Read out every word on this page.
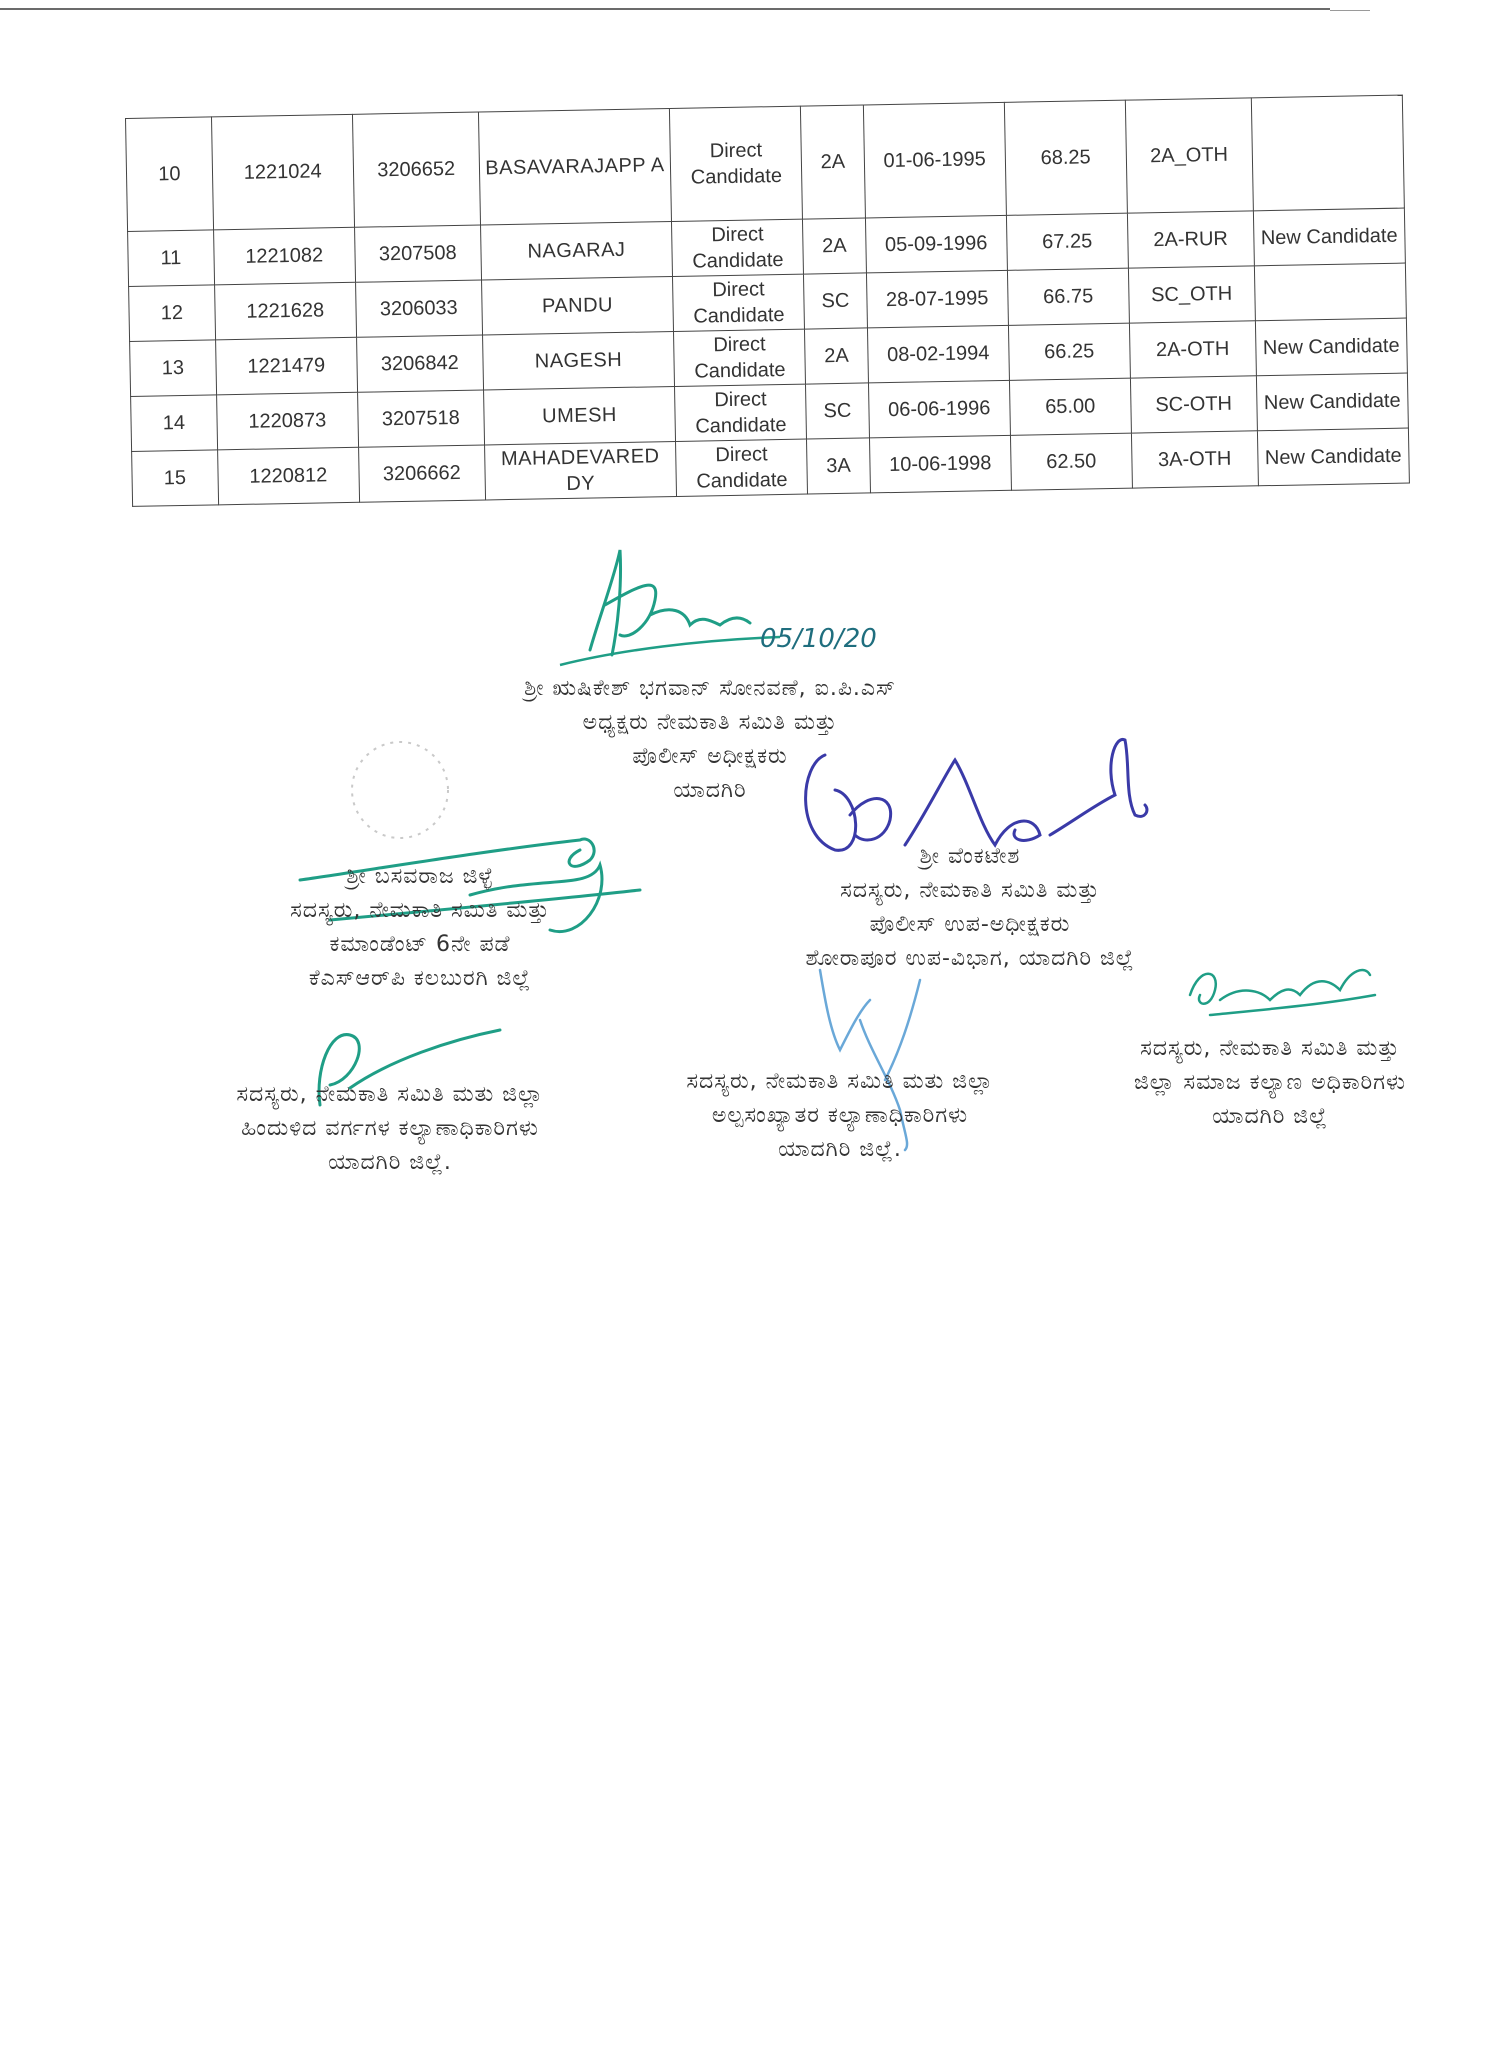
10	1221024	3206652	BASAVARAJAPP A	Direct Candidate	2A	01-06-1995	68.25	2A_OTH	
11	1221082	3207508	NAGARAJ	Direct Candidate	2A	05-09-1996	67.25	2A-RUR	New Candidate
12	1221628	3206033	PANDU	Direct Candidate	SC	28-07-1995	66.75	SC_OTH	
13	1221479	3206842	NAGESH	Direct Candidate	2A	08-02-1994	66.25	2A-OTH	New Candidate
14	1220873	3207518	UMESH	Direct Candidate	SC	06-06-1996	65.00	SC-OTH	New Candidate
15	1220812	3206662	MAHADEVARED DY	Direct Candidate	3A	10-06-1998	62.50	3A-OTH	New Candidate
05/10/20
ಶ್ರೀ ಋಷಿಕೇಶ್ ಭಗವಾನ್ ಸೋನವಣೆ, ಐ.ಪಿ.ಎಸ್
ಅಧ್ಯಕ್ಷರು ನೇಮಕಾತಿ ಸಮಿತಿ ಮತ್ತು
ಪೊಲೀಸ್ ಅಧೀಕ್ಷಕರು
ಯಾದಗಿರಿ
ಶ್ರೀ ಬಸವರಾಜ ಜಿಳ್ಳೆ
ಸದಸ್ಯರು, ನೇಮಕಾತಿ ಸಮಿತಿ ಮತ್ತು
ಕಮಾಂಡೆಂಟ್ 6ನೇ ಪಡೆ
ಕೆಎಸ್‌ಆರ್‌ಪಿ ಕಲಬುರಗಿ ಜಿಲ್ಲೆ
ಶ್ರೀ ವೆಂಕಟೇಶ
ಸದಸ್ಯರು, ನೇಮಕಾತಿ ಸಮಿತಿ ಮತ್ತು
ಪೊಲೀಸ್ ಉಪ-ಅಧೀಕ್ಷಕರು
ಶೋರಾಪೂರ ಉಪ-ವಿಭಾಗ, ಯಾದಗಿರಿ ಜಿಲ್ಲೆ
ಸದಸ್ಯರು, ನೇಮಕಾತಿ ಸಮಿತಿ ಮತು ಜಿಲ್ಲಾ
ಹಿಂದುಳಿದ ವರ್ಗಗಳ ಕಲ್ಯಾಣಾಧಿಕಾರಿಗಳು
ಯಾದಗಿರಿ ಜಿಲ್ಲೆ.
ಸದಸ್ಯರು, ನೇಮಕಾತಿ ಸಮಿತಿ ಮತು ಜಿಲ್ಲಾ
ಅಲ್ಪಸಂಖ್ಯಾತರ ಕಲ್ಯಾಣಾಧಿಕಾರಿಗಳು
ಯಾದಗಿರಿ ಜಿಲ್ಲೆ.
ಸದಸ್ಯರು, ನೇಮಕಾತಿ ಸಮಿತಿ ಮತ್ತು
ಜಿಲ್ಲಾ ಸಮಾಜ ಕಲ್ಯಾಣ ಅಧಿಕಾರಿಗಳು
ಯಾದಗಿರಿ ಜಿಲ್ಲೆ
